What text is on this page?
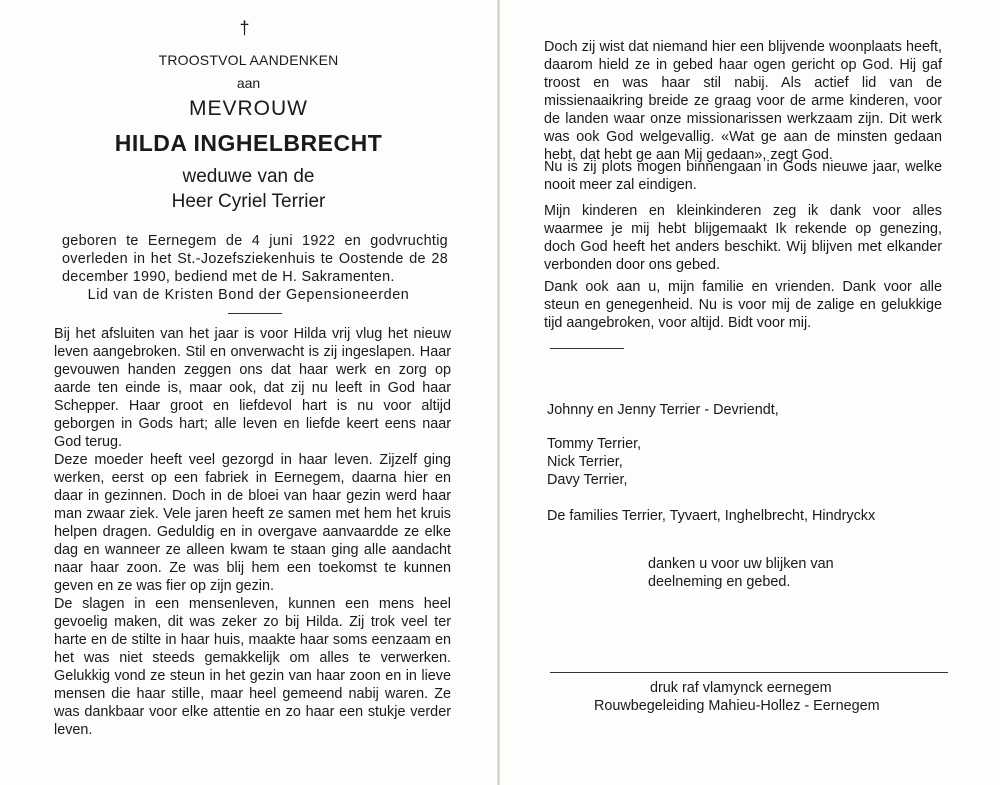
†
TROOSTVOL AANDENKEN
aan
MEVROUW
HILDA INGHELBRECHT
weduwe van de
Heer Cyriel Terrier
geboren te Eernegem de 4 juni 1922 en godvruchtig overleden in het St.-Jozefsziekenhuis te Oostende de 28 december 1990, bediend met de H. Sakramenten.
Lid van de Kristen Bond der Gepensioneerden
Bij het afsluiten van het jaar is voor Hilda vrij vlug het nieuw leven aangebroken. Stil en onverwacht is zij ingeslapen. Haar gevouwen handen zeggen ons dat haar werk en zorg op aarde ten einde is, maar ook, dat zij nu leeft in God haar Schepper. Haar groot en liefdevol hart is nu voor altijd geborgen in Gods hart; alle leven en liefde keert eens naar God terug.
Deze moeder heeft veel gezorgd in haar leven. Zijzelf ging werken, eerst op een fabriek in Eernegem, daarna hier en daar in gezinnen. Doch in de bloei van haar gezin werd haar man zwaar ziek. Vele jaren heeft ze samen met hem het kruis helpen dragen. Geduldig en in overgave aanvaardde ze elke dag en wanneer ze alleen kwam te staan ging alle aandacht naar haar zoon. Ze was blij hem een toekomst te kunnen geven en ze was fier op zijn gezin.
De slagen in een mensenleven, kunnen een mens heel gevoelig maken, dit was zeker zo bij Hilda. Zij trok veel ter harte en de stilte in haar huis, maakte haar soms eenzaam en het was niet steeds gemakkelijk om alles te verwerken. Gelukkig vond ze steun in het gezin van haar zoon en in lieve mensen die haar stille, maar heel gemeend nabij waren. Ze was dankbaar voor elke attentie en zo haar een stukje verder leven.
Doch zij wist dat niemand hier een blijvende woonplaats heeft, daarom hield ze in gebed haar ogen gericht op God. Hij gaf troost en was haar stil nabij. Als actief lid van de missienaaikring breide ze graag voor de arme kinderen, voor de landen waar onze missionarissen werkzaam zijn. Dit werk was ook God welgevallig. «Wat ge aan de minsten gedaan hebt, dat hebt ge aan Mij gedaan», zegt God.
Nu is zij plots mogen binnengaan in Gods nieuwe jaar, welke nooit meer zal eindigen.
Mijn kinderen en kleinkinderen zeg ik dank voor alles waarmee je mij hebt blijgemaakt Ik rekende op genezing, doch God heeft het anders beschikt. Wij blijven met elkander verbonden door ons gebed.
Dank ook aan u, mijn familie en vrienden. Dank voor alle steun en genegenheid. Nu is voor mij de zalige en gelukkige tijd aangebroken, voor altijd. Bidt voor mij.
Johnny en Jenny Terrier - Devriendt,
Tommy Terrier,
Nick Terrier,
Davy Terrier,
De families Terrier, Tyvaert, Inghelbrecht, Hindryckx
danken u voor uw blijken van
deelneming en gebed.
druk raf vlamynck eernegem
Rouwbegeleiding Mahieu-Hollez - Eernegem
